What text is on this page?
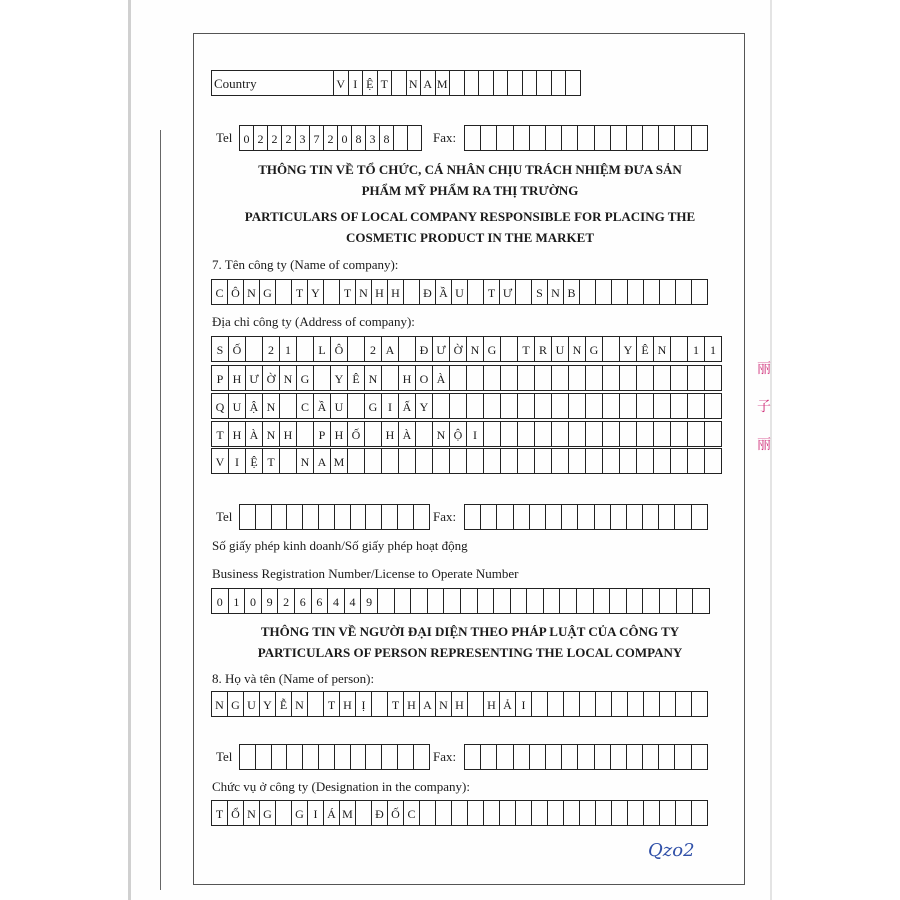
Country	V I Ệ T	N A M
Tel 0 2 2 2 3 7 2 0 8 3 8	Fax:
THÔNG TIN VỀ TỔ CHỨC, CÁ NHÂN CHỊU TRÁCH NHIỆM ĐƯA SẢN
PHẨM MỸ PHẨM RA THỊ TRƯỜNG
PARTICULARS OF LOCAL COMPANY RESPONSIBLE FOR PLACING THE
COSMETIC PRODUCT IN THE MARKET
7. Tên công ty (Name of company):
C Ô N G	T Y	T N H H	Đ Ầ U	T Ư	S N B
Địa chỉ công ty (Address of company):
S Ố	2 1	L Ô	2 A	Đ Ư Ờ N G	T R U N G	Y Ê N	1 1
P H Ư Ờ N G	Y Ê N	H O À
Q U Ậ N	C Ầ U	G I Ấ Y
T H À N H	P H Ố	H À	N Ộ I
V I Ệ T	N A M
Tel	Fax:
Số giấy phép kinh doanh/Số giấy phép hoạt động
Business Registration Number/License to Operate Number
0 1 0 9 2 6 6 4 4 9
THÔNG TIN VỀ NGƯỜI ĐẠI DIỆN THEO PHÁP LUẬT CỦA CÔNG TY
PARTICULARS OF PERSON REPRESENTING THE LOCAL COMPANY
8. Họ và tên (Name of person):
N G U Y Ễ N	T H Ị	T H A N H	H Ả I
Tel	Fax:
Chức vụ ở công ty (Designation in the company):
T Ổ N G	G I Á M Đ Ố C
丽 子 丽
Qzo2
